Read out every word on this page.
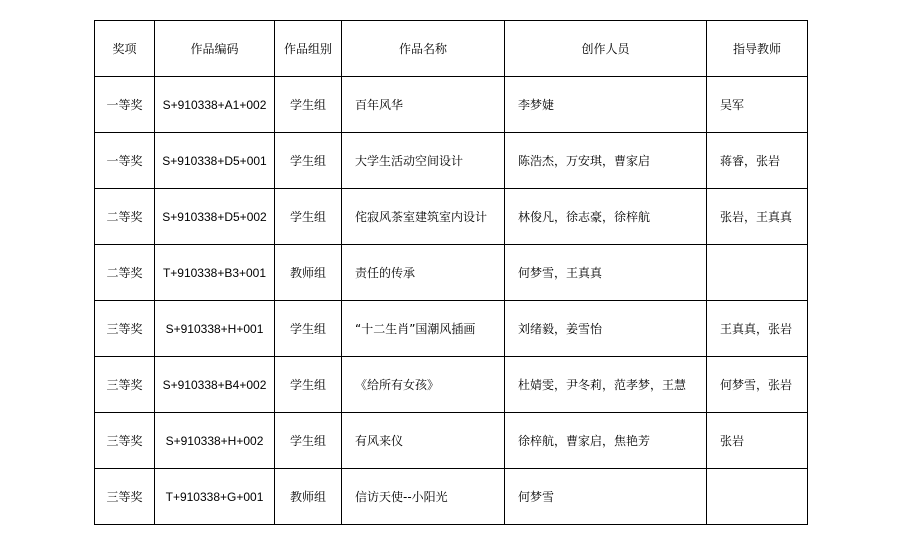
奖项	作品编码	作品组别	作品名称	创作人员	指导教师
一等奖	S+910338+A1+002	学生组	百年风华	李梦婕	吴军
一等奖	S+910338+D5+001	学生组	大学生活动空间设计	陈浩杰，万安琪，曹家启	蒋睿，张岩
二等奖	S+910338+D5+002	学生组	侘寂风茶室建筑室内设计	林俊凡，徐志豪，徐梓航	张岩，王真真
二等奖	T+910338+B3+001	教师组	责任的传承	何梦雪，王真真	
三等奖	S+910338+H+001	学生组	“十二生肖”国潮风插画	刘绪毅，姜雪怡	王真真，张岩
三等奖	S+910338+B4+002	学生组	《给所有女孩》	杜婧雯，尹冬莉，范孝梦，王慧	何梦雪，张岩
三等奖	S+910338+H+002	学生组	有风来仪	徐梓航，曹家启，焦艳芳	张岩
三等奖	T+910338+G+001	教师组	信访天使--小阳光	何梦雪	
